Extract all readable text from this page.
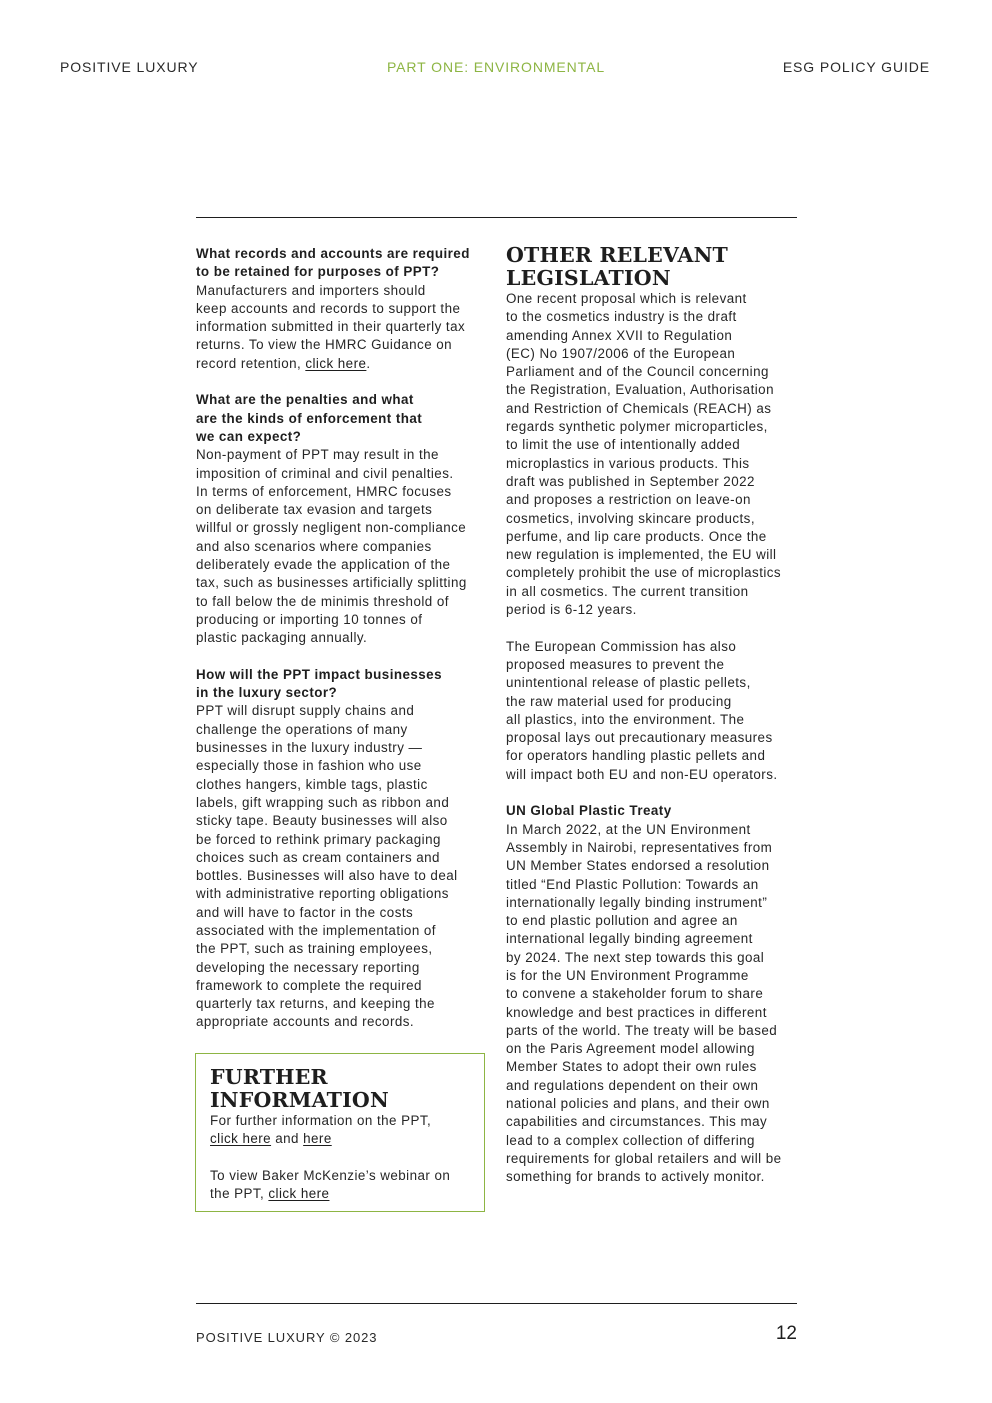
POSITIVE LUXURY	PART ONE: ENVIRONMENTAL	ESG POLICY GUIDE
What records and accounts are required
to be retained for purposes of PPT?

Manufacturers and importers should
keep accounts and records to support the
information submitted in their quarterly tax
returns. To view the HMRC Guidance on
record retention, click here.

What are the penalties and what
are the kinds of enforcement that
we can expect?

Non-payment of PPT may result in the
imposition of criminal and civil penalties.
In terms of enforcement, HMRC focuses
on deliberate tax evasion and targets
willful or grossly negligent non-compliance
and also scenarios where companies
deliberately evade the application of the
tax, such as businesses artificially splitting
to fall below the de minimis threshold of
producing or importing 10 tonnes of
plastic packaging annually.

How will the PPT impact businesses
in the luxury sector?

PPT will disrupt supply chains and
challenge the operations of many
businesses in the luxury industry —
especially those in fashion who use
clothes hangers, kimble tags, plastic
labels, gift wrapping such as ribbon and
sticky tape. Beauty businesses will also
be forced to rethink primary packaging
choices such as cream containers and
bottles. Businesses will also have to deal
with administrative reporting obligations
and will have to factor in the costs
associated with the implementation of
the PPT, such as training employees,
developing the necessary reporting
framework to complete the required
quarterly tax returns, and keeping the
appropriate accounts and records.

FURTHER
INFORMATION

For further information on the PPT,
click here and here

To view Baker McKenzie’s webinar on
the PPT, click here

OTHER RELEVANT
LEGISLATION

One recent proposal which is relevant
to the cosmetics industry is the draft
amending Annex XVII to Regulation
(EC) No 1907/2006 of the European
Parliament and of the Council concerning
the Registration, Evaluation, Authorisation
and Restriction of Chemicals (REACH) as
regards synthetic polymer microparticles,
to limit the use of intentionally added
microplastics in various products. This
draft was published in September 2022
and proposes a restriction on leave-on
cosmetics, involving skincare products,
perfume, and lip care products. Once the
new regulation is implemented, the EU will
completely prohibit the use of microplastics
in all cosmetics. The current transition
period is 6-12 years.

The European Commission has also
proposed measures to prevent the
unintentional release of plastic pellets,
the raw material used for producing
all plastics, into the environment. The
proposal lays out precautionary measures
for operators handling plastic pellets and
will impact both EU and non-EU operators.

UN Global Plastic Treaty

In March 2022, at the UN Environment
Assembly in Nairobi, representatives from
UN Member States endorsed a resolution
titled “End Plastic Pollution: Towards an
internationally legally binding instrument”
to end plastic pollution and agree an
international legally binding agreement
by 2024. The next step towards this goal
is for the UN Environment Programme
to convene a stakeholder forum to share
knowledge and best practices in different
parts of the world. The treaty will be based
on the Paris Agreement model allowing
Member States to adopt their own rules
and regulations dependent on their own
national policies and plans, and their own
capabilities and circumstances. This may
lead to a complex collection of differing
requirements for global retailers and will be
something for brands to actively monitor.

POSITIVE LUXURY © 2023	12
